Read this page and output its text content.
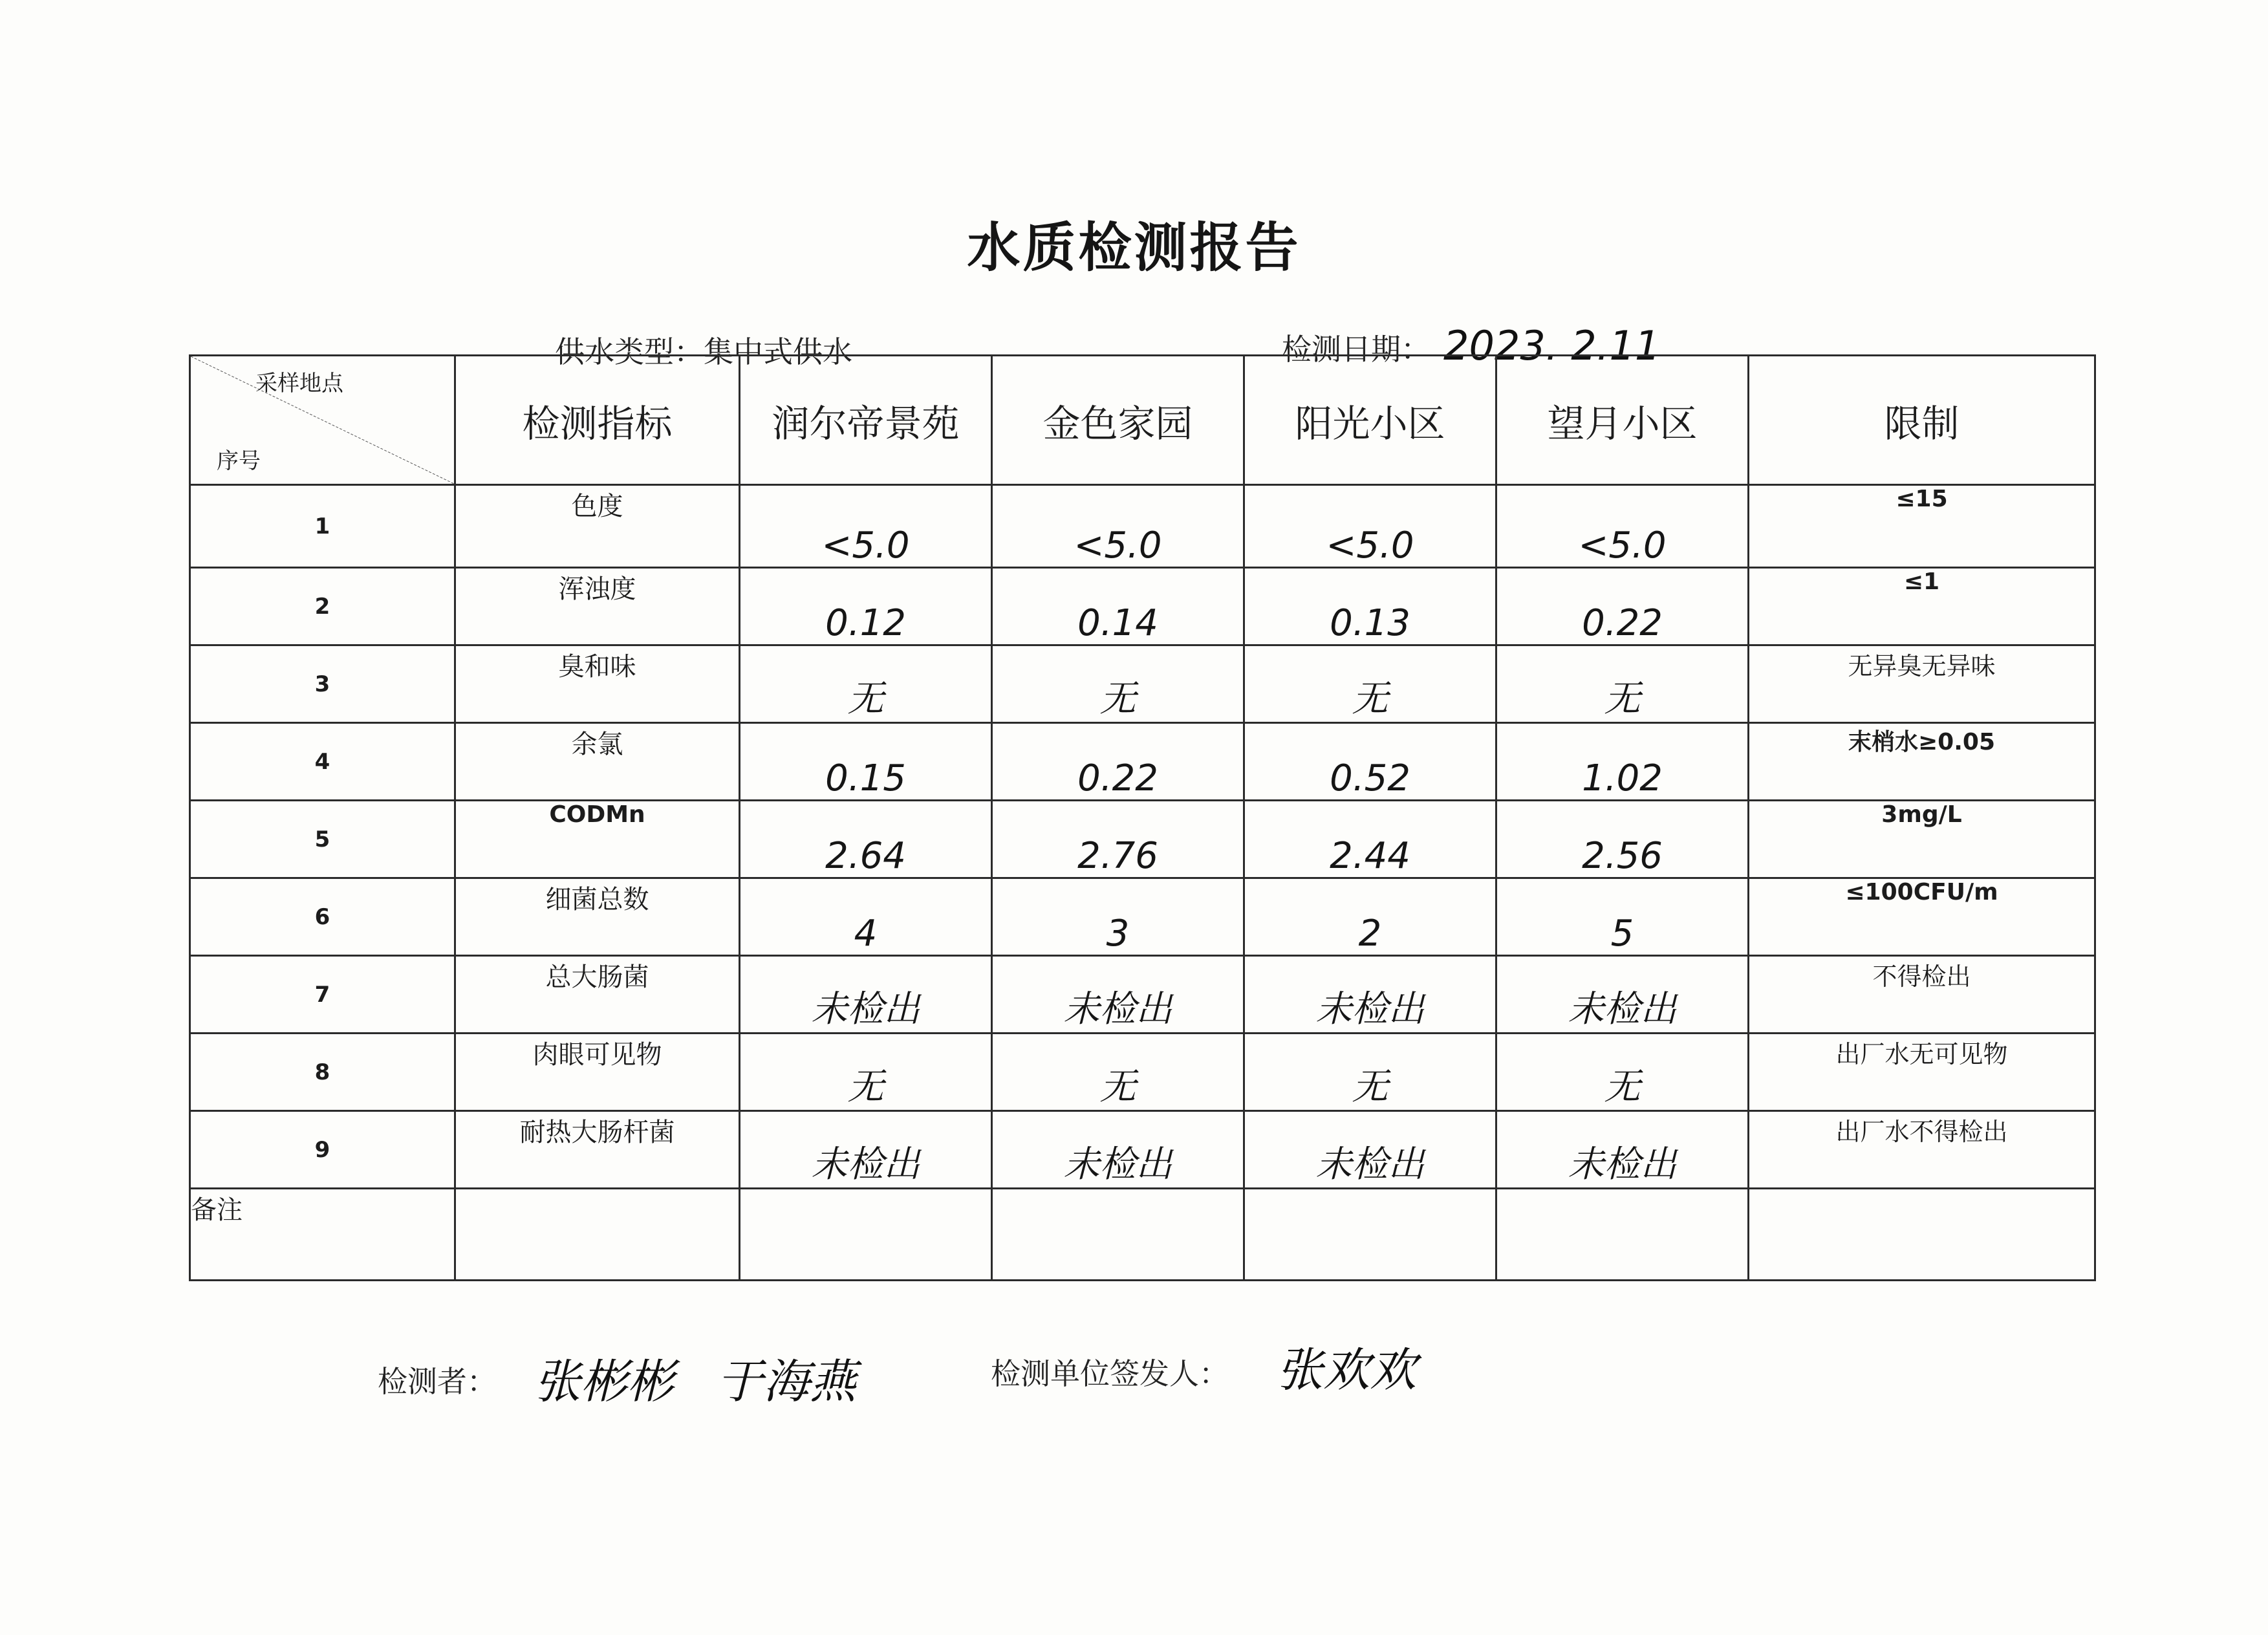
水质检测报告
供水类型：集中式供水	检测日期： 2023. 2.11
采样地点
序号	检测指标	润尔帝景苑	金色家园	阳光小区	望月小区	限制
1	色度	<5.0	<5.0	<5.0	<5.0	≤15
2	浑浊度	0.12	0.14	0.13	0.22	≤1
3	臭和味	无	无	无	无	无异臭无异味
4	余氯	0.15	0.22	0.52	1.02	末梢水≥0.05
5	CODMn	2.64	2.76	2.44	2.56	3mg/L
6	细菌总数	4	3	2	5	≤100CFU/m
7	总大肠菌	未检出	未检出	未检出	未检出	不得检出
8	肉眼可见物	无	无	无	无	出厂水无可见物
9	耐热大肠杆菌	未检出	未检出	未检出	未检出	出厂水不得检出
备注						
检测者： 张彬彬 于海燕	检测单位签发人： 张欢欢
